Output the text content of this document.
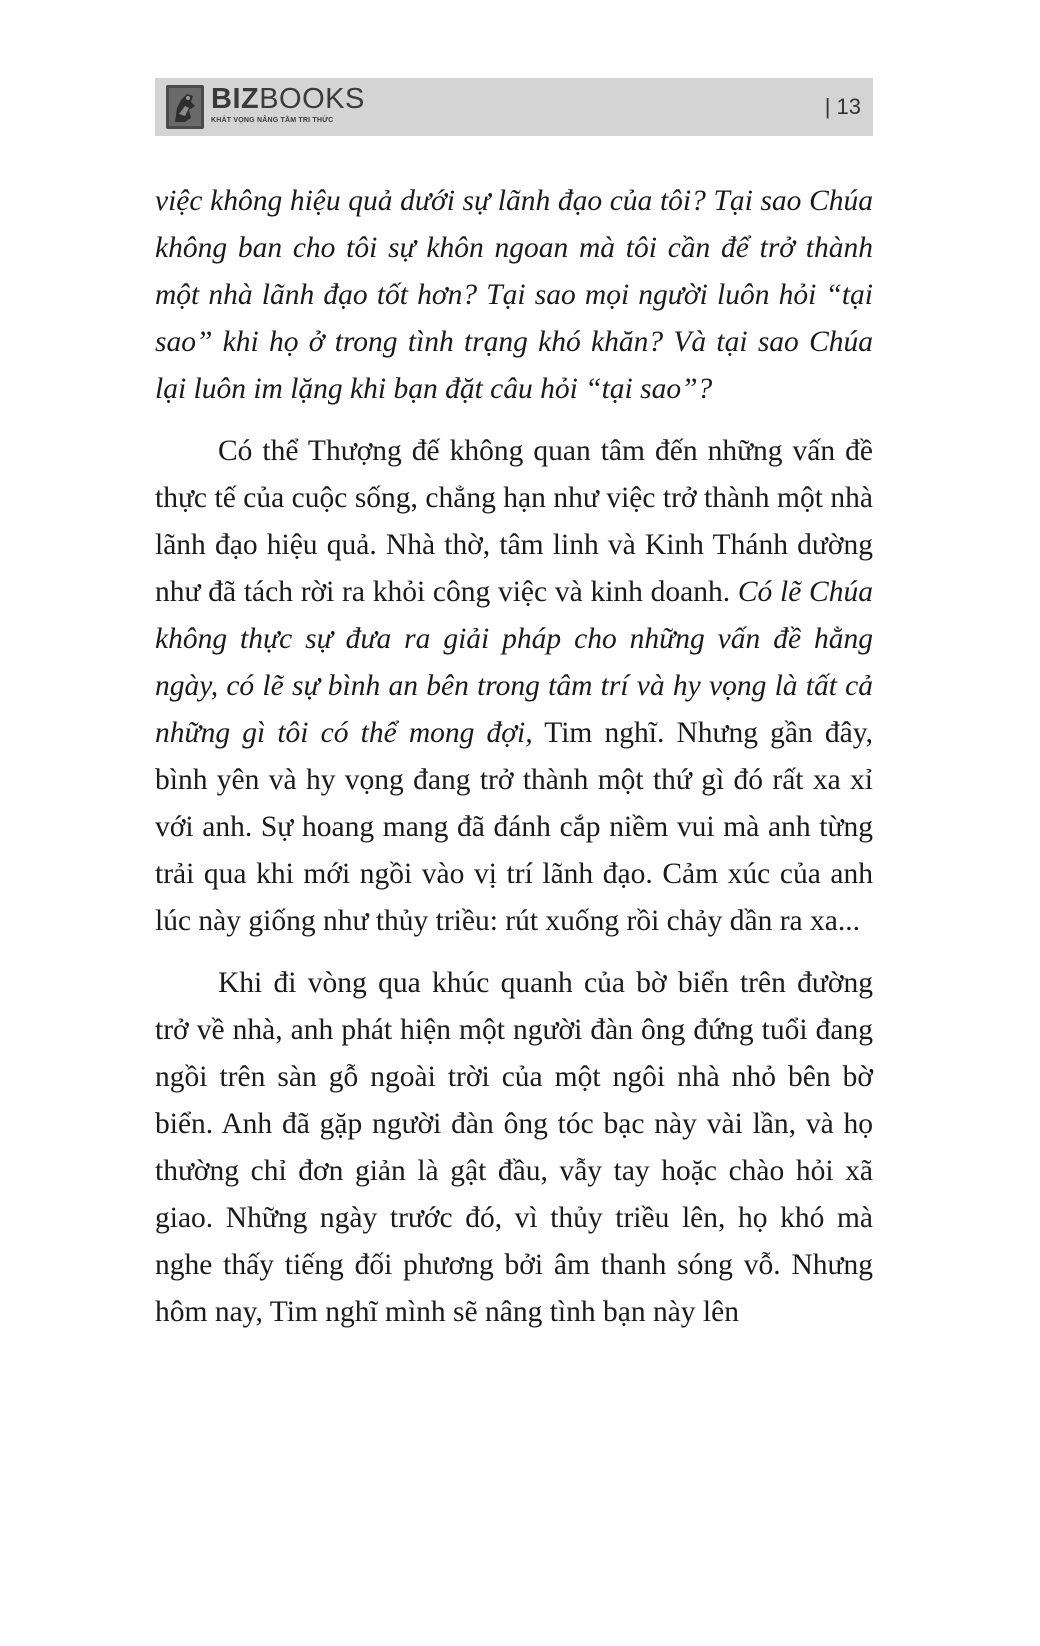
BIZBOOKS
KHÁT VỌNG NÂNG TẦM TRI THỨC
| 13

việc không hiệu quả dưới sự lãnh đạo của tôi? Tại sao Chúa không ban cho tôi sự khôn ngoan mà tôi cần để trở thành một nhà lãnh đạo tốt hơn? Tại sao mọi người luôn hỏi “tại sao” khi họ ở trong tình trạng khó khăn? Và tại sao Chúa lại luôn im lặng khi bạn đặt câu hỏi “tại sao”?

Có thể Thượng đế không quan tâm đến những vấn đề thực tế của cuộc sống, chẳng hạn như việc trở thành một nhà lãnh đạo hiệu quả. Nhà thờ, tâm linh và Kinh Thánh dường như đã tách rời ra khỏi công việc và kinh doanh. Có lẽ Chúa không thực sự đưa ra giải pháp cho những vấn đề hằng ngày, có lẽ sự bình an bên trong tâm trí và hy vọng là tất cả những gì tôi có thể mong đợi, Tim nghĩ. Nhưng gần đây, bình yên và hy vọng đang trở thành một thứ gì đó rất xa xỉ với anh. Sự hoang mang đã đánh cắp niềm vui mà anh từng trải qua khi mới ngồi vào vị trí lãnh đạo. Cảm xúc của anh lúc này giống như thủy triều: rút xuống rồi chảy dần ra xa...

Khi đi vòng qua khúc quanh của bờ biển trên đường trở về nhà, anh phát hiện một người đàn ông đứng tuổi đang ngồi trên sàn gỗ ngoài trời của một ngôi nhà nhỏ bên bờ biển. Anh đã gặp người đàn ông tóc bạc này vài lần, và họ thường chỉ đơn giản là gật đầu, vẫy tay hoặc chào hỏi xã giao. Những ngày trước đó, vì thủy triều lên, họ khó mà nghe thấy tiếng đối phương bởi âm thanh sóng vỗ. Nhưng hôm nay, Tim nghĩ mình sẽ nâng tình bạn này lên
